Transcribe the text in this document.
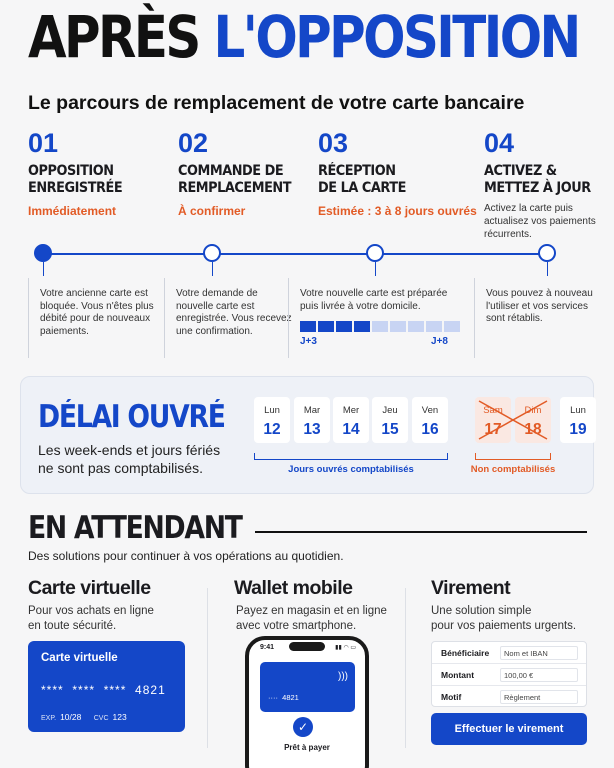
APRÈS L'OPPOSITION
Le parcours de remplacement de votre carte bancaire
01
OPPOSITION
ENREGISTRÉE
Immédiatement
02
COMMANDE DE
REMPLACEMENT
À confirmer
03
RÉCEPTION
DE LA CARTE
Estimée : 3 à 8 jours ouvrés
04
ACTIVEZ &
METTEZ À JOUR
Activez la carte puis actualisez vos paiements récurrents.
Votre ancienne carte est bloquée. Vous n'êtes plus débité pour de nouveaux paiements.
Votre demande de nouvelle carte est enregistrée. Vous recevez une confirmation.
Votre nouvelle carte est préparée puis livrée à votre domicile.
J+3	J+8
Vous pouvez à nouveau l'utiliser et vos services sont rétablis.
DÉLAI OUVRÉ
Les week-ends et jours fériés
ne sont pas comptabilisés.
Lun
12
Mar
13
Mer
14
Jeu
15
Ven
16
Sam
17
Dim
18
Lun
19
Jours ouvrés comptabilisés	Non comptabilisés
EN ATTENDANT
Des solutions pour continuer à vos opérations au quotidien.
Carte virtuelle
Pour vos achats en ligne
en toute sécurité.
Carte virtuelle
****  ****  ****  4821
EXP. 10/28 CVC 123
Wallet mobile
Payez en magasin et en ligne
avec votre smartphone.
9:41	▮▮ ◠ ▭
)))
····  4821
✓
Prêt à payer
Virement
Une solution simple
pour vos paiements urgents.
Bénéficiaire	Nom et IBAN
Montant	100,00 €
Motif	Règlement
Effectuer le virement
